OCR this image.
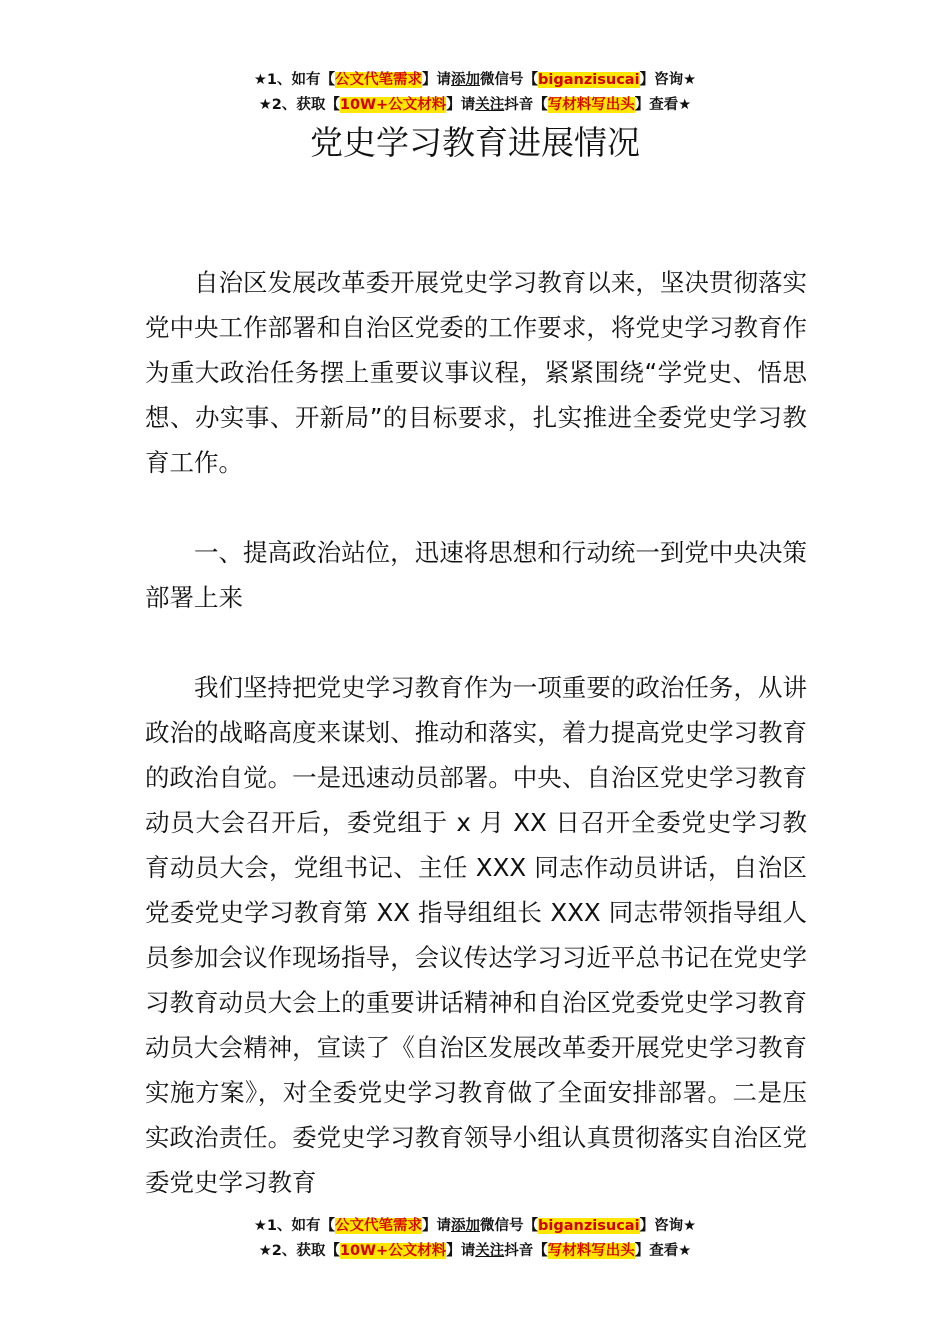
★1、如有【公文代笔需求】请添加微信号【biganzisucai】咨询★
★2、获取【10W+公文材料】请关注抖音【写材料写出头】查看★
党史学习教育进展情况

自治区发展改革委开展党史学习教育以来，坚决贯彻落实党中央工作部署和自治区党委的工作要求，将党史学习教育作为重大政治任务摆上重要议事议程，紧紧围绕“学党史、悟思想、办实事、开新局”的目标要求，扎实推进全委党史学习教育工作。

一、提高政治站位，迅速将思想和行动统一到党中央决策部署上来

我们坚持把党史学习教育作为一项重要的政治任务，从讲政治的战略高度来谋划、推动和落实，着力提高党史学习教育的政治自觉。一是迅速动员部署。中央、自治区党史学习教育动员大会召开后，委党组于 x 月 XX 日召开全委党史学习教育动员大会，党组书记、主任 XXX 同志作动员讲话，自治区党委党史学习教育第 XX 指导组组长 XXX 同志带领指导组人员参加会议作现场指导，会议传达学习习近平总书记在党史学习教育动员大会上的重要讲话精神和自治区党委党史学习教育动员大会精神，宣读了《自治区发展改革委开展党史学习教育实施方案》，对全委党史学习教育做了全面安排部署。二是压实政治责任。委党史学习教育领导小组认真贯彻落实自治区党委党史学习教育

★1、如有【公文代笔需求】请添加微信号【biganzisucai】咨询★
★2、获取【10W+公文材料】请关注抖音【写材料写出头】查看★
